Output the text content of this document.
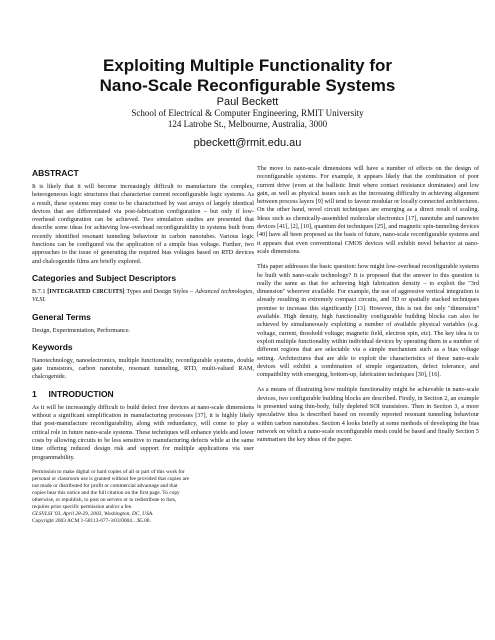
Exploiting Multiple Functionality for
Nano-Scale Reconfigurable Systems
Paul Beckett
School of Electrical & Computer Engineering, RMIT University
124 Latrobe St., Melbourne, Australia, 3000
pbeckett@rmit.edu.au
ABSTRACT

It is likely that it will become increasingly difficult to manufacture the complex, heterogeneous logic structures that characterise current reconfigurable logic systems. As a result, these systems may come to be characterised by vast arrays of largely identical devices that are differentiated via post-fabrication configuration – but only if low-overhead configuration can be achieved. Two simulation studies are presented that describe some ideas for achieving low-overhead reconfigurability in systems built from recently identified resonant tunneling behaviour in carbon nanotubes. Various logic functions can be configured via the application of a simple bias voltage. Further, two approaches to the issue of generating the required bias voltages based on RTD devices and chalcogenide films are briefly explored.

Categories and Subject Descriptors

B.7.1 [INTEGRATED CIRCUITS] Types and Design Styles – Advanced technologies, VLSI.

General Terms

Design, Experimentation, Performance.

Keywords

Nanotechnology, nanoelectronics, multiple functionality, reconfigurable systems, double gate transistors, carbon nanotube, resonant tunneling, RTD, multi-valued RAM, chalcogenide.

1     INTRODUCTION

As it will be increasingly difficult to build defect free devices at nano-scale dimensions without a significant simplification in manufacturing processes [37], it is highly likely that post-manufacture reconfigurability, along with redundancy, will come to play a critical role in future nano-scale systems. These techniques will enhance yields and lower costs by allowing circuits to be less sensitive to manufacturing defects while at the same time offering reduced design risk and support for multiple applications via user programmability.

Permission to make digital or hard copies of all or part of this work for

personal or classroom use is granted without fee provided that copies are

not made or distributed for profit or commercial advantage and that

copies bear this notice and the full citation on the first page. To copy

otherwise, or republish, to post on servers or to redistribute to lists,

requires prior specific permission and/or a fee.

GLSVLSI '03, April 28-29, 2003, Washington, DC, USA.

Copyright 2003 ACM 1-58113-677-3/03/0004…$5.00.

The move to nano-scale dimensions will have a number of effects on the design of reconfigurable systems. For example, it appears likely that the combination of poor current drive (even at the ballistic limit where contact resistance dominates) and low gain, as well as physical issues such as the increasing difficulty in achieving alignment between process layers [9] will tend to favour modular or locally connected architectures. On the other hand, novel circuit techniques are emerging as a direct result of scaling. Ideas such as chemically-assembled molecular electronics [17], nanotube and nanowire devices [41], [2], [10], quantum dot techniques [25], and magnetic spin-tunneling devices [40] have all been proposed as the basis of future, nano-scale reconfigurable systems and it appears that even conventional CMOS devices will exhibit novel behavior at nano-scale dimensions.

This paper addresses the basic question: how might low-overhead reconfigurable systems be built with nano-scale technology? It is proposed that the answer to this question is really the same as that for achieving high fabrication density – to exploit the "3rd dimension" wherever available. For example, the use of aggressive vertical integration is already resulting in extremely compact circuits, and 3D or spatially stacked techniques promise to increase this significantly [13]. However, this is not the only "dimension" available. High density, high functionality configurable building blocks can also be achieved by simultaneously exploiting a number of available physical variables (e.g. voltage, current, threshold voltage; magnetic field, electron spin, etc). The key idea is to exploit multiple functionality within individual devices by operating them in a number of different regions that are selectable via a simple mechanism such as a bias voltage setting. Architectures that are able to exploit the characteristics of these nano-scale devices will exhibit a combination of simple organization, defect tolerance, and compatibility with emerging, bottom-up, fabrication techniques [30], [16].

As a means of illustrating how multiple functionality might be achievable in nano-scale devices, two configurable building blocks are described. Firstly, in Section 2, an example is presented using thin-body, fully depleted SOI transistors. Then in Section 3, a more speculative idea is described based on recently reported resonant tunneling behaviour within carbon nanotubes. Section 4 looks briefly at some methods of developing the bias network on which a nano-scale reconfigurable mesh could be based and finally Section 5 summarises the key ideas of the paper.
